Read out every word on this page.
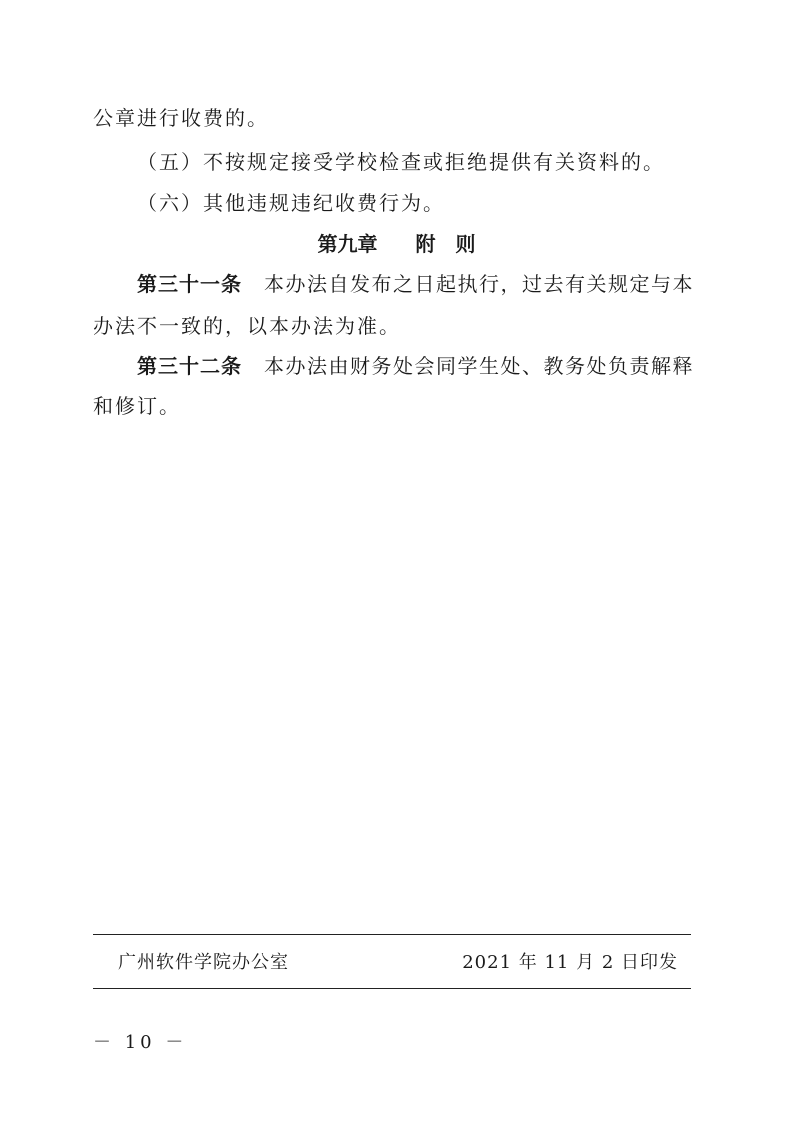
公章进行收费的。
（五）不按规定接受学校检查或拒绝提供有关资料的。
（六）其他违规违纪收费行为。
第九章 附　则
第三十一条 本办法自发布之日起执行，过去有关规定与本
办法不一致的，以本办法为准。
第三十二条 本办法由财务处会同学生处、教务处负责解释
和修订。
广州软件学院办公室	2021 年 11 月 2 日印发
－ 10 －
